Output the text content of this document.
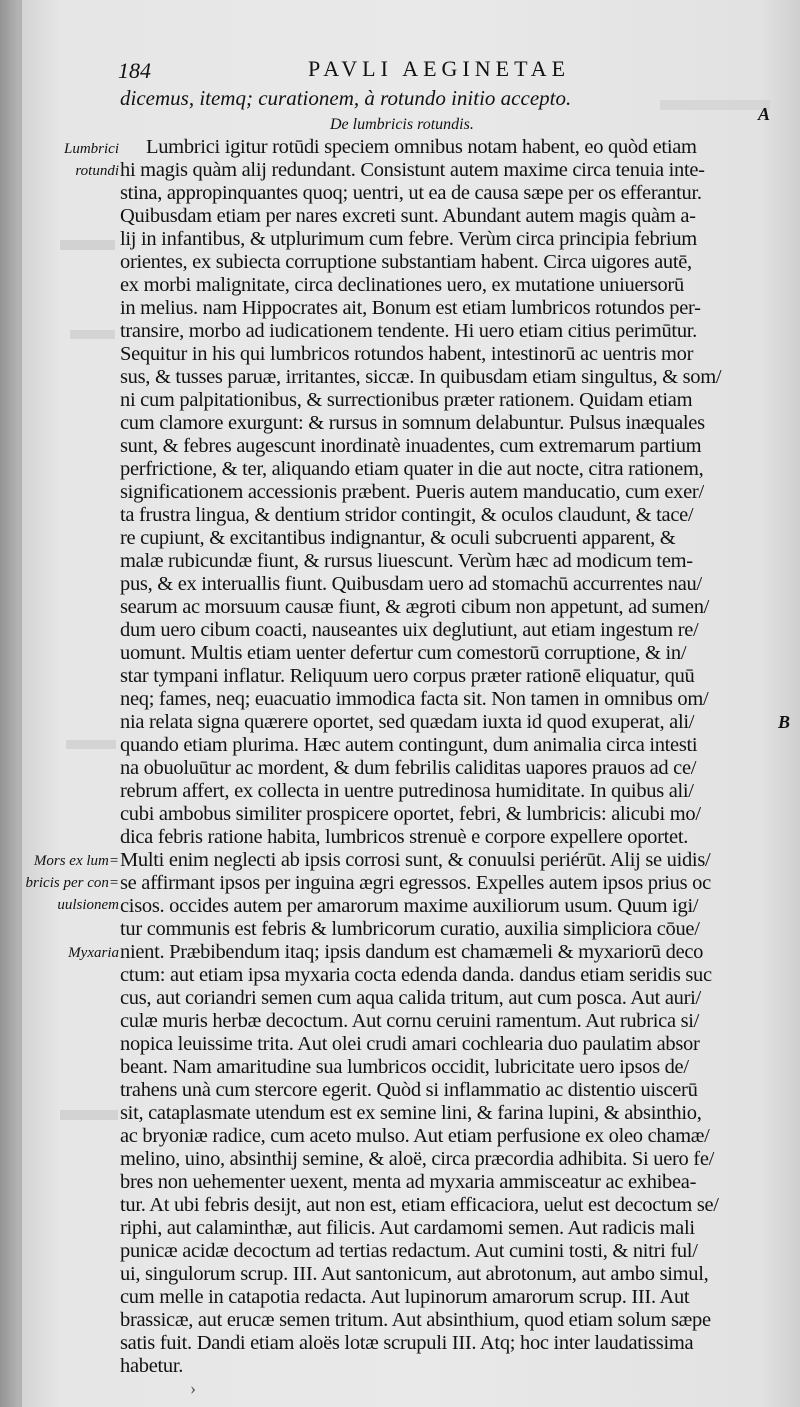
184	PAVLI AEGINETAE
dicemus, itemq; curationem, à rotundo initio accepto.
A
De lumbricis rotundis.
Lumbrici
rotundi
B
Mors ex lum=
bricis per con=
uulsionem
Myxaria
Lumbrici igitur rotūdi speciem omnibus notam habent, eo quòd etiam
hi magis quàm alij redundant. Consistunt autem maxime circa tenuia inte-
stina, appropinquantes quoq; uentri, ut ea de causa sæpe per os efferantur.
Quibusdam etiam per nares excreti sunt. Abundant autem magis quàm a-
lij in infantibus, & utplurimum cum febre. Verùm circa principia febrium
orientes, ex subiecta corruptione substantiam habent. Circa uigores autē,
ex morbi malignitate, circa declinationes uero, ex mutatione uniuersorū
in melius. nam Hippocrates ait, Bonum est etiam lumbricos rotundos per-
transire, morbo ad iudicationem tendente. Hi uero etiam citius perimūtur.
Sequitur in his qui lumbricos rotundos habent, intestinorū ac uentris mor
sus, & tusses paruæ, irritantes, siccæ. In quibusdam etiam singultus, & som/
ni cum palpitationibus, & surrectionibus præter rationem. Quidam etiam
cum clamore exurgunt: & rursus in somnum delabuntur. Pulsus inæquales
sunt, & febres augescunt inordinatè inuadentes, cum extremarum partium
perfrictione, & ter, aliquando etiam quater in die aut nocte, citra rationem,
significationem accessionis præbent. Pueris autem manducatio, cum exer/
ta frustra lingua, & dentium stridor contingit, & oculos claudunt, & tace/
re cupiunt, & excitantibus indignantur, & oculi subcruenti apparent, &
malæ rubicundæ fiunt, & rursus liuescunt. Verùm hæc ad modicum tem-
pus, & ex interuallis fiunt. Quibusdam uero ad stomachū accurrentes nau/
searum ac morsuum causæ fiunt, & ægroti cibum non appetunt, ad sumen/
dum uero cibum coacti, nauseantes uix deglutiunt, aut etiam ingestum re/
uomunt. Multis etiam uenter defertur cum comestorū corruptione, & in/
star tympani inflatur. Reliquum uero corpus præter rationē eliquatur, quū
neq; fames, neq; euacuatio immodica facta sit. Non tamen in omnibus om/
nia relata signa quærere oportet, sed quædam iuxta id quod exuperat, ali/
quando etiam plurima. Hæc autem contingunt, dum animalia circa intesti
na obuoluūtur ac mordent, & dum febrilis caliditas uapores prauos ad ce/
rebrum affert, ex collecta in uentre putredinosa humiditate. In quibus ali/
cubi ambobus similiter prospicere oportet, febri, & lumbricis: alicubi mo/
dica febris ratione habita, lumbricos strenuè e corpore expellere oportet.
Multi enim neglecti ab ipsis corrosi sunt, & conuulsi periérūt. Alij se uidis/
se affirmant ipsos per inguina ægri egressos. Expelles autem ipsos prius oc
cisos. occides autem per amarorum maxime auxiliorum usum. Quum igi/
tur communis est febris & lumbricorum curatio, auxilia simpliciora cōue/
nient. Præbibendum itaq; ipsis dandum est chamæmeli & myxariorū deco
ctum: aut etiam ipsa myxaria cocta edenda danda. dandus etiam seridis suc
cus, aut coriandri semen cum aqua calida tritum, aut cum posca. Aut auri/
culæ muris herbæ decoctum. Aut cornu ceruini ramentum. Aut rubrica si/
nopica leuissime trita. Aut olei crudi amari cochlearia duo paulatim absor
beant. Nam amaritudine sua lumbricos occidit, lubricitate uero ipsos de/
trahens unà cum stercore egerit. Quòd si inflammatio ac distentio uiscerū
sit, cataplasmate utendum est ex semine lini, & farina lupini, & absinthio,
ac bryoniæ radice, cum aceto mulso. Aut etiam perfusione ex oleo chamæ/
melino, uino, absinthij semine, & aloë, circa præcordia adhibita. Si uero fe/
bres non uehementer uexent, menta ad myxaria ammisceatur ac exhibea-
tur. At ubi febris desijt, aut non est, etiam efficaciora, uelut est decoctum se/
riphi, aut calaminthæ, aut filicis. Aut cardamomi semen. Aut radicis mali
punicæ acidæ decoctum ad tertias redactum. Aut cumini tosti, & nitri ful/
ui, singulorum scrup. III. Aut santonicum, aut abrotonum, aut ambo simul,
cum melle in catapotia redacta. Aut lupinorum amarorum scrup. III. Aut
brassicæ, aut erucæ semen tritum. Aut absinthium, quod etiam solum sæpe
satis fuit. Dandi etiam aloës lotæ scrupuli III. Atq; hoc inter laudatissima
habetur.
›
